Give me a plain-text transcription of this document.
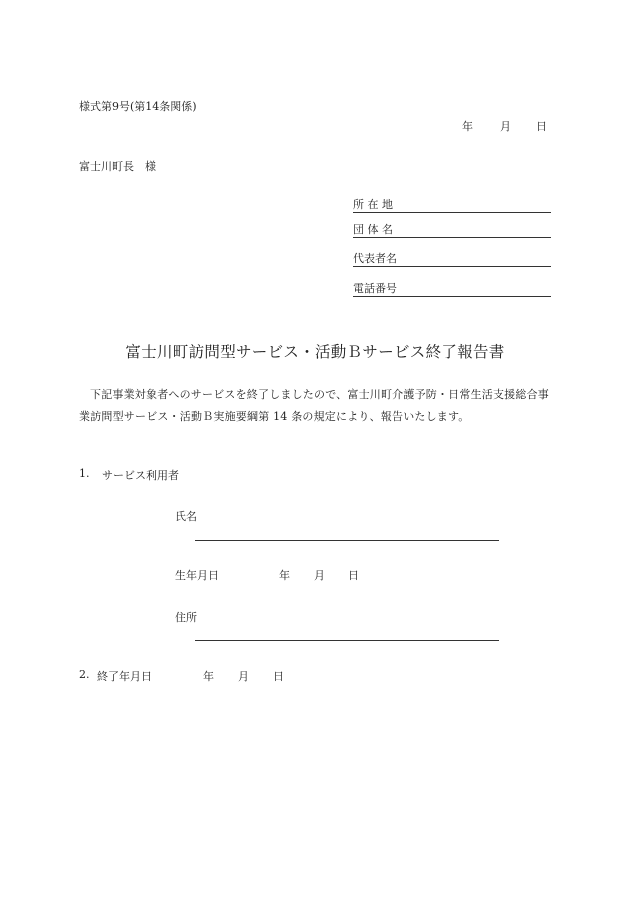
様式第9号(第14条関係)
年 月 日
富士川町長　様
所 在 地
団 体 名
代表者名
電話番号
富士川町訪問型サービス・活動Ｂサービス終了報告書
下記事業対象者へのサービスを終了しましたので、富士川町介護予防・日常生活支援総合事業訪問型サービス・活動Ｂ実施要綱第 14 条の規定により、報告いたします。
1. サービス利用者
氏名
生年月日	年 月 日
住所
2. 終了年月日	年 月 日
